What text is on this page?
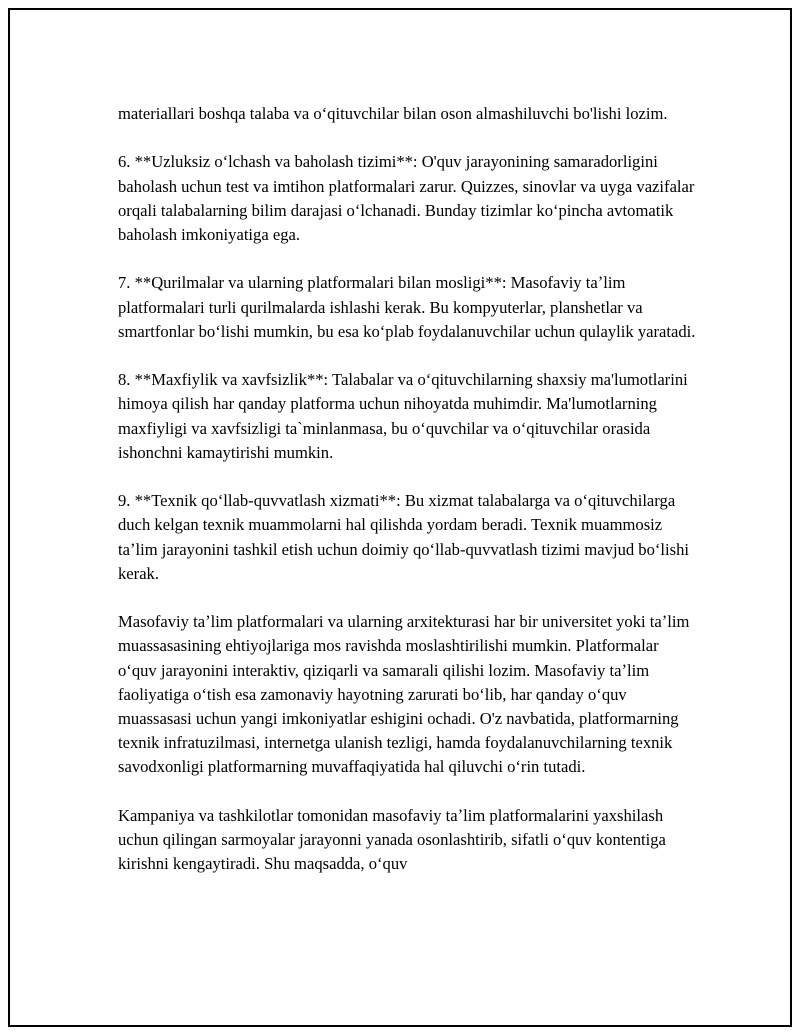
materiallari boshqa talaba va oʻqituvchilar bilan oson almashiluvchi bo'lishi lozim.

6. **Uzluksiz oʻlchash va baholash tizimi**: O'quv jarayonining samaradorligini baholash uchun test va imtihon platformalari zarur. Quizzes, sinovlar va uyga vazifalar orqali talabalarning bilim darajasi oʻlchanadi. Bunday tizimlar koʻpincha avtomatik baholash imkoniyatiga ega.

7. **Qurilmalar va ularning platformalari bilan mosligi**: Masofaviy taʼlim platformalari turli qurilmalarda ishlashi kerak. Bu kompyuterlar, planshetlar va smartfonlar boʻlishi mumkin, bu esa koʻplab foydalanuvchilar uchun qulaylik yaratadi.

8. **Maxfiylik va xavfsizlik**: Talabalar va oʻqituvchilarning shaxsiy ma'lumotlarini himoya qilish har qanday platforma uchun nihoyatda muhimdir. Ma'lumotlarning maxfiyligi va xavfsizligi ta`minlanmasa, bu oʻquvchilar va oʻqituvchilar orasida ishonchni kamaytirishi mumkin.

9. **Texnik qoʻllab-quvvatlash xizmati**: Bu xizmat talabalarga va oʻqituvchilarga duch kelgan texnik muammolarni hal qilishda yordam beradi. Texnik muammosiz taʼlim jarayonini tashkil etish uchun doimiy qoʻllab-quvvatlash tizimi mavjud boʻlishi kerak.

Masofaviy taʼlim platformalari va ularning arxitekturasi har bir universitet yoki taʼlim muassasasining ehtiyojlariga mos ravishda moslashtirilishi mumkin. Platformalar oʻquv jarayonini interaktiv, qiziqarli va samarali qilishi lozim. Masofaviy taʼlim faoliyatiga oʻtish esa zamonaviy hayotning zarurati boʻlib, har qanday oʻquv muassasasi uchun yangi imkoniyatlar eshigini ochadi. O'z navbatida, platformarning texnik infratuzilmasi, internetga ulanish tezligi, hamda foydalanuvchilarning texnik savodxonligi platformarning muvaffaqiyatida hal qiluvchi oʻrin tutadi.

Kampaniya va tashkilotlar tomonidan masofaviy taʼlim platformalarini yaxshilash uchun qilingan sarmoyalar jarayonni yanada osonlashtirib, sifatli oʻquv kontentiga kirishni kengaytiradi. Shu maqsadda, oʻquv
